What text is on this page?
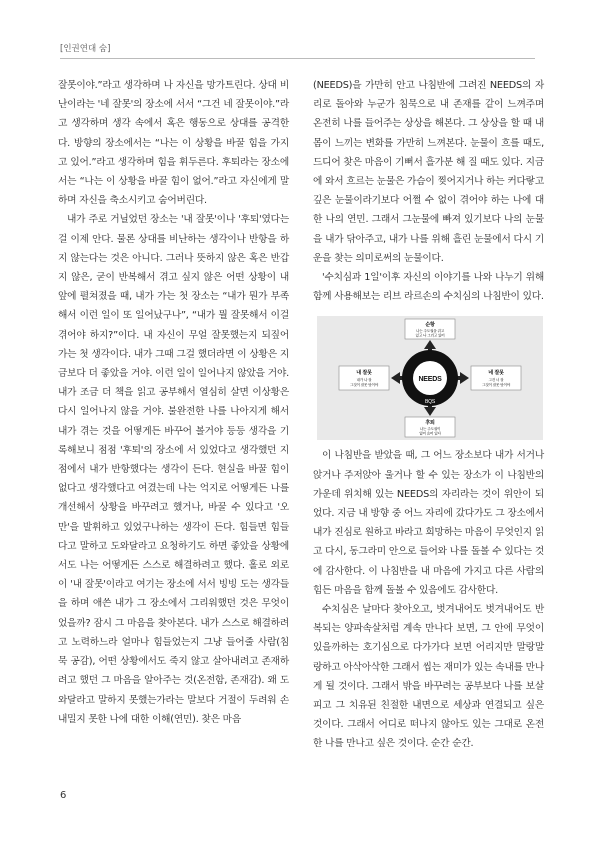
[인권연대 숨]

잘못이야.”라고 생각하며 나 자신을 망가트린다. 상대 비난이라는 '네 잘못'의 장소에 서서 “그건 네 잘못이야.”라고 생각하며 생각 속에서 혹은 행동으로 상대를 공격한다. 방향의 장소에서는 “나는 이 상황을 바꿀 힘을 가지고 있어.”라고 생각하며 힘을 휘두른다. 후퇴라는 장소에서는 “나는 이 상황을 바꿀 힘이 없어.”라고 자신에게 말하며 자신을 축소시키고 숨어버린다.

내가 주로 거닐었던 장소는 '내 잘못'이나 '후퇴'였다는 걸 이제 안다. 물론 상대를 비난하는 생각이나 반항을 하지 않는다는 것은 아니다. 그러나 뜻하지 않은 혹은 반갑지 않은, 굳이 반복해서 겪고 싶지 않은 어떤 상황이 내 앞에 펼쳐졌을 때, 내가 가는 첫 장소는 “내가 뭔가 부족해서 이런 일이 또 일어났구나”, “내가 뭘 잘못해서 이걸 겪어야 하지?”이다. 내 자신이 무얼 잘못했는지 되짚어가는 첫 생각이다. 내가 그때 그걸 했더라면 이 상황은 지금보다 더 좋았을 거야. 이런 일이 일어나지 않았을 거야. 내가 조금 더 책을 읽고 공부해서 열심히 살면 이상황은 다시 일어나지 않을 거야. 불완전한 나를 나아지게 해서 내가 겪는 것을 어떻게든 바꾸어 볼거야 등등 생각을 기록해보니 점점 '후퇴'의 장소에 서 있었다고 생각했던 지점에서 내가 반항했다는 생각이 든다. 현실을 바꿀 힘이 없다고 생각했다고 여겼는데 나는 억지로 어떻게든 나를 개선해서 상황을 바꾸려고 했거나, 바꿀 수 있다고 '오만'을 발휘하고 있었구나하는 생각이 든다. 힘들면 힘들다고 말하고 도와달라고 요청하기도 하면 좋았을 상황에서도 나는 어떻게든 스스로 해결하려고 했다. 홀로 외로이 '내 잘못'이라고 여기는 장소에 서서 빙빙 도는 생각들을 하며 애쓴 내가 그 장소에서 그리워했던 것은 무엇이었을까? 잠시 그 마음을 찾아본다. 내가 스스로 해결하려고 노력하느라 얼마나 힘들었는지 그냥 들어줄 사람(침묵 공감), 어떤 상황에서도 죽지 않고 살아내려고 존재하려고 했던 그 마음을 알아주는 것(온전함, 존재감). 왜 도와달라고 말하지 못했는가라는 말보다 거절이 두려워 손 내밀지 못한 나에 대한 이해(연민). 찾은 마음

(NEEDS)을 가만히 안고 나침반에 그려진 NEEDS의 자리로 돌아와 누군가 침묵으로 내 존재를 같이 느껴주며 온전히 나를 들어주는 상상을 해본다. 그 상상을 할 때 내 몸이 느끼는 변화를 가만히 느껴본다. 눈물이 흐를 때도, 드디어 찾은 마음이 기뻐서 흘가분 해 질 때도 있다. 지금에 와서 흐르는 눈물은 가슴이 찢어지거나 하는 커다랗고 깊은 눈물이라기보다 어쩔 수 없이 겪어야 하는 나에 대한 나의 연민. 그래서 그눈물에 빠져 있기보다 나의 눈물을 내가 닦아주고, 내가 나를 위해 흘린 눈물에서 다시 기운을 찾는 의미로써의 눈물이다.

'수치심과 1일'이후 자신의 이야기를 나와 나누기 위해 함께 사용해보는 리브 라르손의 수치심의 나침반이 있다.

NEEDS
BQS
순항
나는 주도권을 쥐고
있고 나 그리고 있어
내 잘못
내가 나 잘
그것이 잘못 탓이야
네 잘못
그건 너 잘
그것이 잘못 탓이야
후퇴
나는 주도권이
없어 숨어 있다

이 나침반을 받았을 때, 그 어느 장소보다 내가 서거나 앉거나 주저앉아 울거나 할 수 있는 장소가 이 나침반의 가운데 위치해 있는 NEEDS의 자리라는 것이 위안이 되었다. 지금 내 방향 중 어느 자리에 갔다가도 그 장소에서 내가 진심로 원하고 바라고 희망하는 마음이 무엇인지 읽고 다시, 동그라미 안으로 들어와 나를 돌볼 수 있다는 것에 감사한다. 이 나침반을 내 마음에 가지고 다른 사람의 힘든 마음을 함께 돌볼 수 있음에도 감사한다.

수치심은 날마다 찾아오고, 벗겨내어도 벗겨내어도 반복되는 양파속살처럼 계속 만나다 보면, 그 안에 무엇이 있을까하는 호기심으로 다가가다 보면 어리지만 말랑말랑하고 아삭아삭한 그래서 씹는 재미가 있는 속내를 만나게 될 것이다. 그래서 밖을 바꾸려는 공부보다 나를 보살피고 그 치유된 친절한 내면으로 세상과 연결되고 싶은 것이다. 그래서 어디로 떠나지 않아도 있는 그대로 온전한 나를 만나고 싶은 것이다. 순간 순간.

6
